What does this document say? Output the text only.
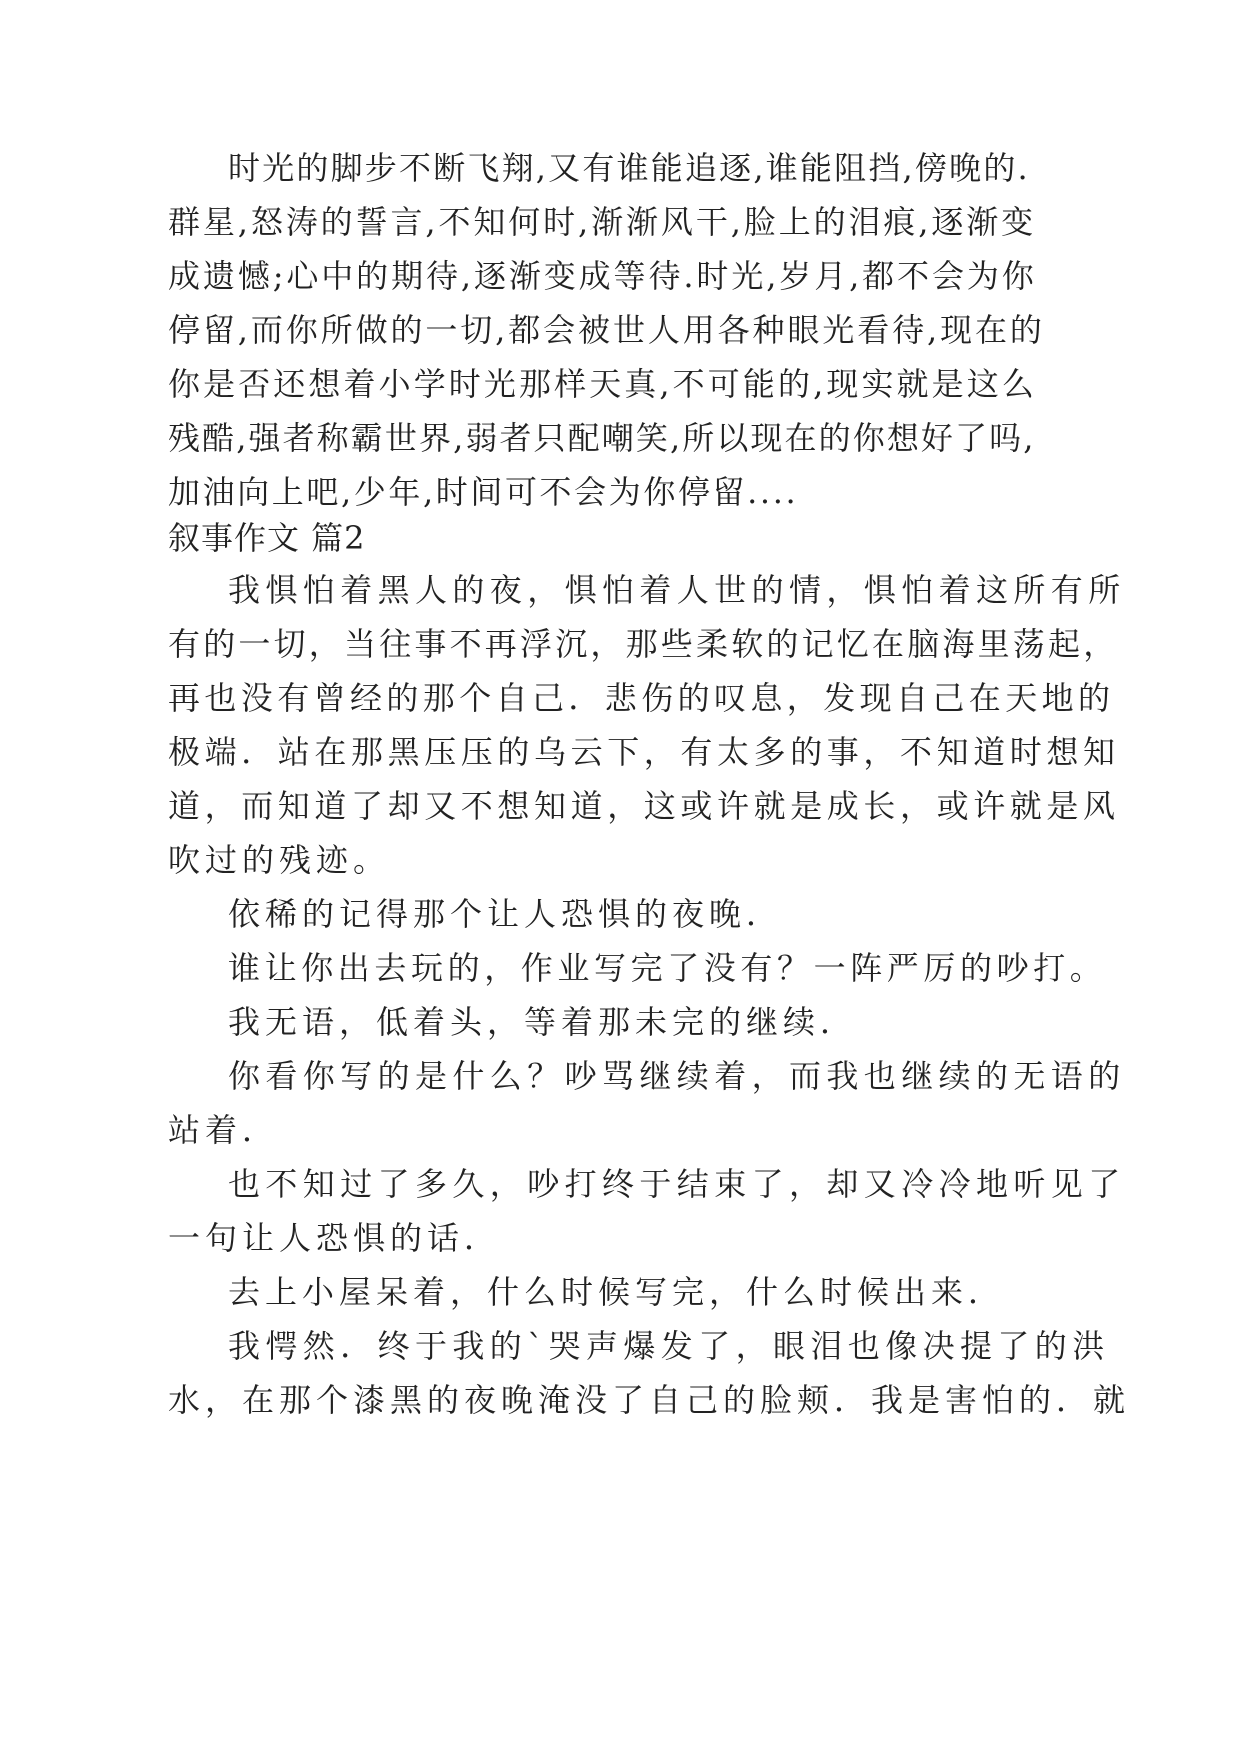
时光的脚步不断飞翔,又有谁能追逐,谁能阻挡,傍晚的.
群星,怒涛的誓言,不知何时,渐渐风干,脸上的泪痕,逐渐变
成遗憾;心中的期待,逐渐变成等待.时光,岁月,都不会为你
停留,而你所做的一切,都会被世人用各种眼光看待,现在的
你是否还想着小学时光那样天真,不可能的,现实就是这么
残酷,强者称霸世界,弱者只配嘲笑,所以现在的你想好了吗,
加油向上吧,少年,时间可不会为你停留....
叙事作文 篇2
我惧怕着黑人的夜，惧怕着人世的情，惧怕着这所有所
有的一切，当往事不再浮沉，那些柔软的记忆在脑海里荡起，
再也没有曾经的那个自己．悲伤的叹息，发现自己在天地的
极端．站在那黑压压的乌云下，有太多的事，不知道时想知
道，而知道了却又不想知道，这或许就是成长，或许就是风
吹过的残迹。
依稀的记得那个让人恐惧的夜晚．
谁让你出去玩的，作业写完了没有？一阵严厉的吵打。
我无语，低着头，等着那未完的继续．
你看你写的是什么？吵骂继续着，而我也继续的无语的
站着．
也不知过了多久，吵打终于结束了，却又冷冷地听见了
一句让人恐惧的话．
去上小屋呆着，什么时候写完，什么时候出来．
我愕然．终于我的`哭声爆发了，眼泪也像决提了的洪
水，在那个漆黑的夜晚淹没了自己的脸颊．我是害怕的．就
